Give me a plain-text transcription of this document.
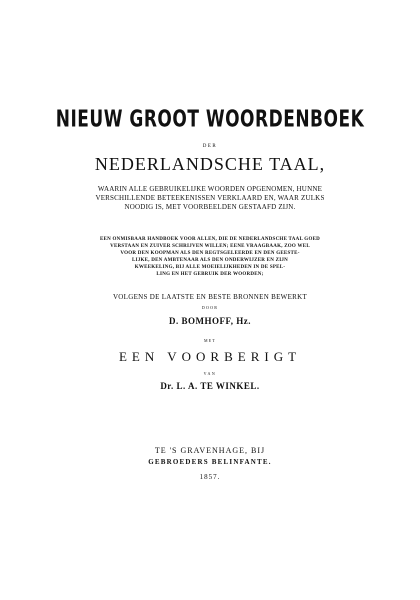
NIEUW GROOT WOORDENBOEK

DER

NEDERLANDSCHE TAAL,

WAARIN ALLE GEBRUIKELIJKE WOORDEN OPGENOMEN, HUNNE

VERSCHILLENDE BETEEKENISSEN VERKLAARD EN, WAAR ZULKS

NOODIG IS, MET VOORBEELDEN GESTAAFD ZIJN.

EEN ONMISBAAR HANDBOEK VOOR ALLEN, DIE DE NEDERLANDSCHE TAAL GOED

VERSTAAN EN ZUIVER SCHRIJVEN WILLEN; EENE VRAAGBAAK, ZOO WEL

VOOR DEN KOOPMAN ALS DEN REGTSGELEERDE EN DEN GEESTE-

LIJKE, DEN AMBTENAAR ALS DEN ONDERWIJZER EN ZIJN

KWEEKELING, BIJ ALLE MOEIELIJKHEDEN IN DE SPEL-

LING EN HET GEBRUIK DER WOORDEN;

VOLGENS DE LAATSTE EN BESTE BRONNEN BEWERKT

DOOR

D. BOMHOFF, Hz.

MET

EEN VOORBERIGT

VAN

Dr. L. A. TE WINKEL.

TE 'S GRAVENHAGE, BIJ

GEBROEDERS BELINFANTE.

1857.
